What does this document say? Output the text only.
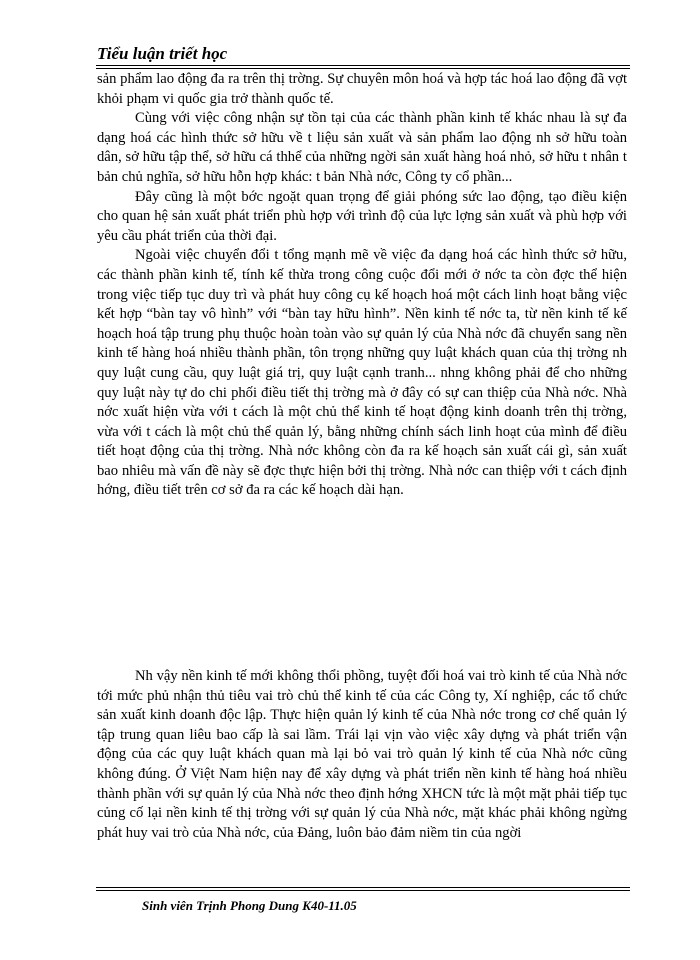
Tiểu luận triết học

sản phẩm lao động đa ra trên thị trờng. Sự chuyên môn hoá và hợp tác hoá lao động đã vợt khỏi phạm vi quốc gia trở thành quốc tế.

Cùng với việc công nhận sự tồn tại của các thành phần kinh tế khác nhau là sự đa dạng hoá các hình thức sở hữu về t liệu sản xuất và sản phẩm lao động nh sở hữu toàn dân, sở hữu tập thể, sở hữu cá thhể của những ngời sản xuất hàng hoá nhỏ, sở hữu t nhân t bản chủ nghĩa, sở hữu hỗn hợp khác: t bản Nhà nớc, Công ty cổ phần...

Đây cũng là một bớc ngoặt quan trọng để giải phóng sức lao động, tạo điều kiện cho quan hệ sản xuất phát triển phù hợp với trình độ của lực lợng sản xuất và phù hợp với yêu cầu phát triển của thời đại.

Ngoài việc chuyển đổi t tổng mạnh mẽ về việc đa dạng hoá các hình thức sở hữu, các thành phần kinh tế, tính kế thừa trong công cuộc đổi mới ở nớc ta còn đợc thể hiện trong việc tiếp tục duy trì và phát huy công cụ kế hoạch hoá một cách linh hoạt bằng việc kết hợp “bàn tay vô hình” với “bàn tay hữu hình”. Nền kinh tế nớc ta, từ nền kinh tế kế hoạch hoá tập trung phụ thuộc hoàn toàn vào sự quản lý của Nhà nớc đã chuyển sang nền kinh tế hàng hoá nhiều thành phần, tôn trọng những quy luật khách quan của thị trờng nh quy luật cung cầu, quy luật giá trị, quy luật cạnh tranh... nhng không phải để cho những quy luật này tự do chi phối điều tiết thị trờng mà ở đây có sự can thiệp của Nhà nớc. Nhà nớc xuất hiện vừa với t cách là một chủ thể kinh tế hoạt động kinh doanh trên thị trờng, vừa với t cách là một chủ thể quản lý, bằng những chính sách linh hoạt của mình để điều tiết hoạt động của thị trờng. Nhà nớc không còn đa ra kế hoạch sản xuất cái gì, sản xuất bao nhiêu mà vấn đề này sẽ đợc thực hiện bởi thị trờng. Nhà nớc can thiệp với t cách định hớng, điều tiết trên cơ sở đa ra các kế hoạch dài hạn.

Nh vậy nền kinh tế mới không thổi phồng, tuyệt đối hoá vai trò kinh tế của Nhà nớc tới mức phủ nhận thủ tiêu vai trò chủ thể kinh tế của các Công ty, Xí nghiệp, các tổ chức sản xuất kinh doanh độc lập. Thực hiện quản lý kinh tế của Nhà nớc trong cơ chế quản lý tập trung quan liêu bao cấp là sai lầm. Trái lại vịn vào việc xây dựng và phát triển vận động của các quy luật khách quan mà lại bỏ vai trò quản lý kinh tế của Nhà nớc cũng không đúng. Ở Việt Nam hiện nay để xây dựng và phát triển nền kinh tế hàng hoá nhiều thành phần với sự quản lý của Nhà nớc theo định hớng XHCN tức là một mặt phải tiếp tục củng cố lại nền kinh tế thị trờng với sự quản lý của Nhà nớc, mặt khác phải không ngừng phát huy vai trò của Nhà nớc, của Đảng, luôn bảo đảm niềm tin của ngời

Sinh viên Trịnh Phong Dung K40-11.05
